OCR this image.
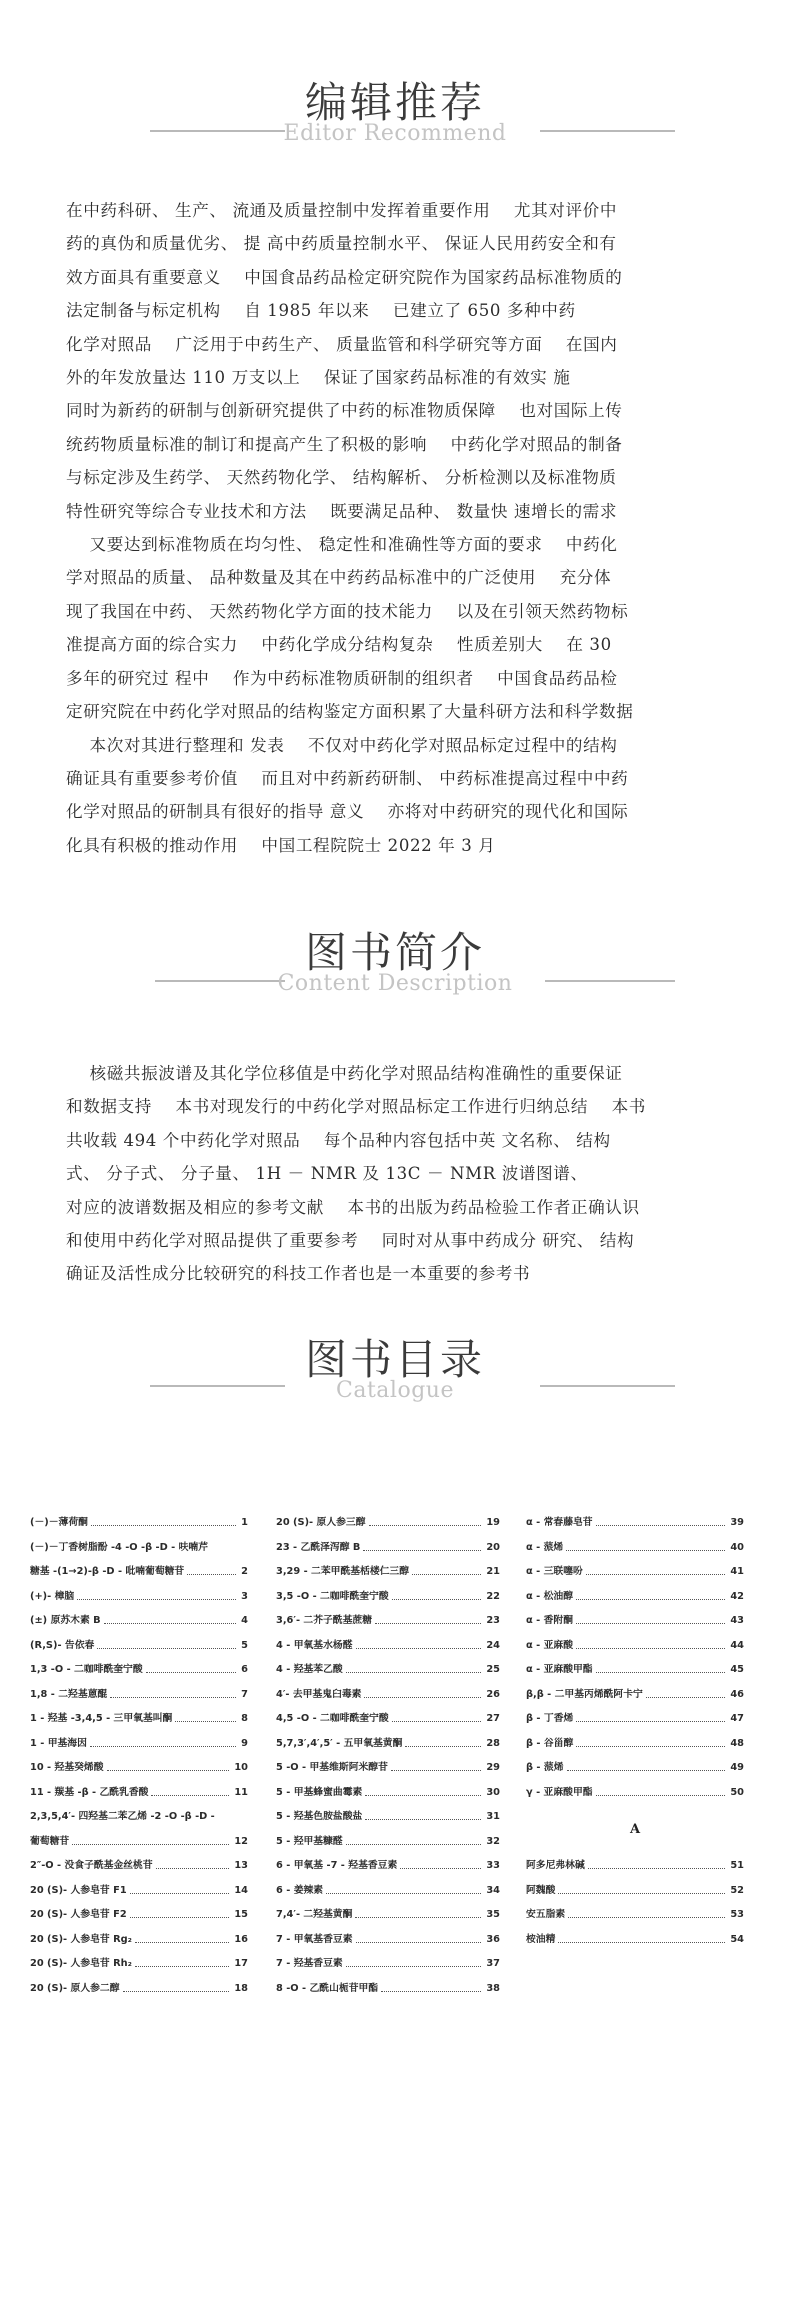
编辑推荐
Editor Recommend
在中药科研、 生产、 流通及质量控制中发挥着重要作用    尤其对评价中
药的真伪和质量优劣、 提 高中药质量控制水平、 保证人民用药安全和有
效方面具有重要意义    中国食品药品检定研究院作为国家药品标准物质的
法定制备与标定机构    自 1985 年以来    已建立了 650 多种中药
化学对照品    广泛用于中药生产、 质量监管和科学研究等方面    在国内
外的年发放量达 110 万支以上    保证了国家药品标准的有效实 施
同时为新药的研制与创新研究提供了中药的标准物质保障    也对国际上传
统药物质量标准的制订和提高产生了积极的影响    中药化学对照品的制备
与标定涉及生药学、 天然药物化学、 结构解析、 分析检测以及标准物质
特性研究等综合专业技术和方法    既要满足品种、 数量快 速增长的需求
又要达到标准物质在均匀性、 稳定性和准确性等方面的要求    中药化
学对照品的质量、 品种数量及其在中药药品标准中的广泛使用    充分体
现了我国在中药、 天然药物化学方面的技术能力    以及在引领天然药物标
准提高方面的综合实力    中药化学成分结构复杂    性质差别大    在 30
多年的研究过 程中    作为中药标准物质研制的组织者    中国食品药品检
定研究院在中药化学对照品的结构鉴定方面积累了大量科研方法和科学数据
本次对其进行整理和 发表    不仅对中药化学对照品标定过程中的结构
确证具有重要参考价值    而且对中药新药研制、 中药标准提高过程中中药
化学对照品的研制具有很好的指导 意义    亦将对中药研究的现代化和国际
化具有积极的推动作用    中国工程院院士 2022 年 3 月
图书简介
Content Description
核磁共振波谱及其化学位移值是中药化学对照品结构准确性的重要保证
和数据支持    本书对现发行的中药化学对照品标定工作进行归纳总结    本书
共收载 494 个中药化学对照品    每个品种内容包括中英 文名称、 结构
式、 分子式、 分子量、 1H － NMR 及 13C － NMR 波谱图谱、
对应的波谱数据及相应的参考文献    本书的出版为药品检验工作者正确认识
和使用中药化学对照品提供了重要参考    同时对从事中药成分 研究、 结构
确证及活性成分比较研究的科技工作者也是一本重要的参考书
图书目录
Catalogue
(－)－薄荷酮	1
(－)－丁香树脂酚 -4 -O -β -D - 呋喃芹
糖基 -(1→2)-β -D - 吡喃葡萄糖苷	2
(+)- 樟脑	3
(±) 原苏木素 B	4
(R,S)- 告依春	5
1,3 -O - 二咖啡酰奎宁酸	6
1,8 - 二羟基蒽醌	7
1 - 羟基 -3,4,5 - 三甲氧基叫酮	8
1 - 甲基海因	9
10 - 羟基癸烯酸	10
11 - 羰基 -β - 乙酰乳香酸	11
2,3,5,4′- 四羟基二苯乙烯 -2 -O -β -D -
葡萄糖苷	12
2″-O - 没食子酰基金丝桃苷	13
20 (S)- 人参皂苷 F1	14
20 (S)- 人参皂苷 F2	15
20 (S)- 人参皂苷 Rg₂	16
20 (S)- 人参皂苷 Rh₂	17
20 (S)- 原人参二醇	18
20 (S)- 原人参三醇	19
23 - 乙酰泽泻醇 B	20
3,29 - 二苯甲酰基栝楼仁三醇	21
3,5 -O - 二咖啡酰奎宁酸	22
3,6′- 二芥子酰基蔗糖	23
4 - 甲氧基水杨醛	24
4 - 羟基苯乙酸	25
4′- 去甲基鬼臼毒素	26
4,5 -O - 二咖啡酰奎宁酸	27
5,7,3′,4′,5′ - 五甲氧基黄酮	28
5 -O - 甲基维斯阿米醇苷	29
5 - 甲基蜂蜜曲霉素	30
5 - 羟基色胺盐酸盐	31
5 - 羟甲基糠醛	32
6 - 甲氧基 -7 - 羟基香豆素	33
6 - 姜辣素	34
7,4′- 二羟基黄酮	35
7 - 甲氧基香豆素	36
7 - 羟基香豆素	37
8 -O - 乙酰山栀苷甲酯	38
α - 常春藤皂苷	39
α - 蒎烯	40
α - 三联噻吩	41
α - 松油醇	42
α - 香附酮	43
α - 亚麻酸	44
α - 亚麻酸甲酯	45
β,β - 二甲基丙烯酰阿卡宁	46
β - 丁香烯	47
β - 谷甾醇	48
β - 蒎烯	49
γ - 亚麻酸甲酯	50
A
阿多尼弗林碱	51
阿魏酸	52
安五脂素	53
桉油精	54
